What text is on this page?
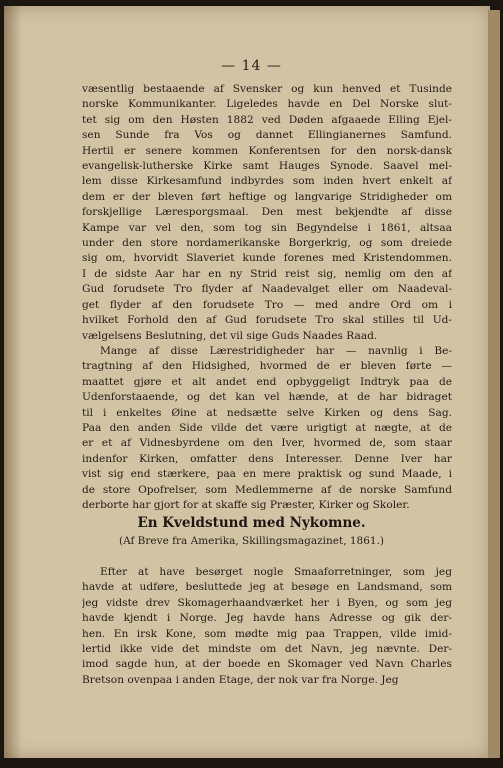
— 14 —
væsentlig bestaaende af Svensker og kun henved et Tusinde
norske Kommunikanter. Ligeledes havde en Del Norske slut-
tet sig om den Høsten 1882 ved Døden afgaaede Elling Ejel-
sen Sunde fra Vos og dannet Ellingianernes Samfund.
Hertil er senere kommen Konferentsen for den norsk-dansk
evangelisk-lutherske Kirke samt Hauges Synode. Saavel mel-
lem disse Kirkesamfund indbyrdes som inden hvert enkelt af
dem er der bleven ført heftige og langvarige Stridigheder om
forskjellige Læresporgsmaal. Den mest bekjendte af disse
Kampe var vel den, som tog sin Begyndelse i 1861, altsaa
under den store nordamerikanske Borgerkrig, og som dreiede
sig om, hvorvidt Slaveriet kunde forenes med Kristendommen.
I de sidste Aar har en ny Strid reist sig, nemlig om den af
Gud forudsete Tro flyder af Naadevalget eller om Naadeval-
get flyder af den forudsete Tro — med andre Ord om i
hvilket Forhold den af Gud forudsete Tro skal stilles til Ud-
vælgelsens Beslutning, det vil sige Guds Naades Raad.
Mange af disse Lærestridigheder har — navnlig i Be-
tragtning af den Hidsighed, hvormed de er bleven førte —
maattet gjøre et alt andet end opbyggeligt Indtryk paa de
Udenforstaaende, og det kan vel hænde, at de har bidraget
til i enkeltes Øine at nedsætte selve Kirken og dens Sag.
Paa den anden Side vilde det være urigtigt at nægte, at de
er et af Vidnesbyrdene om den Iver, hvormed de, som staar
indenfor Kirken, omfatter dens Interesser. Denne Iver har
vist sig end stærkere, paa en mere praktisk og sund Maade, i
de store Opofrelser, som Medlemmerne af de norske Samfund
derborte har gjort for at skaffe sig Præster, Kirker og Skoler.
En Kveldstund med Nykomne.
(Af Breve fra Amerika, Skillingsmagazinet, 1861.)
Efter at have besørget nogle Smaaforretninger, som jeg
havde at udføre, besluttede jeg at besøge en Landsmand, som
jeg vidste drev Skomagerhaandværket her i Byen, og som jeg
havde kjendt i Norge. Jeg havde hans Adresse og gik der-
hen. En irsk Kone, som mødte mig paa Trappen, vilde imid-
lertid ikke vide det mindste om det Navn, jeg nævnte. Der-
imod sagde hun, at der boede en Skomager ved Navn Charles
Bretson ovenpaa i anden Etage, der nok var fra Norge. Jeg
